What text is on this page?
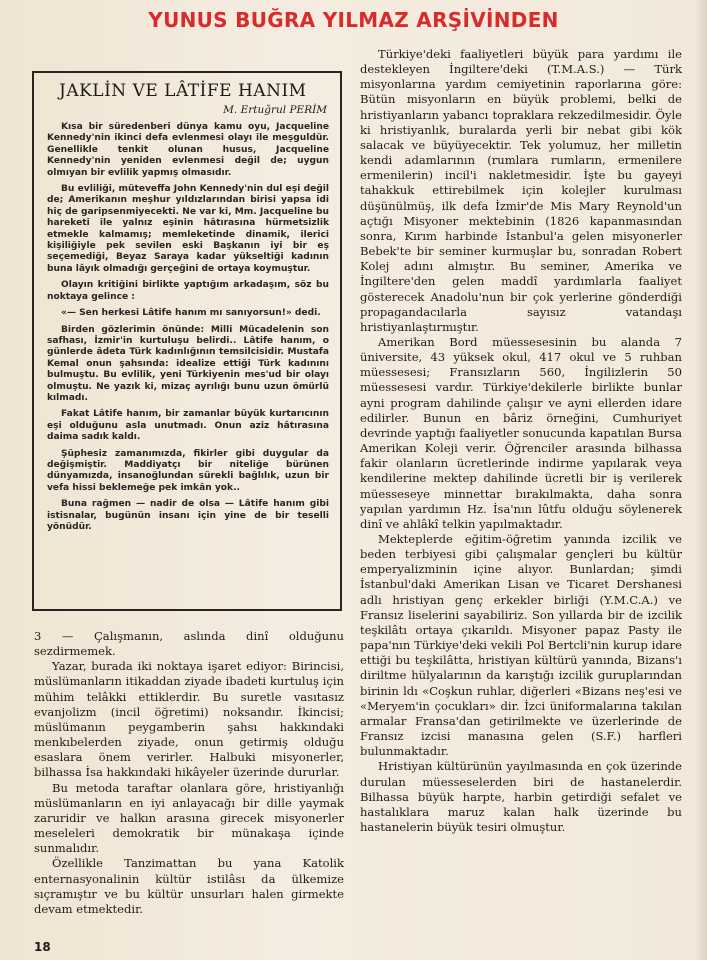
YUNUS BUĞRA YILMAZ ARŞİVİNDEN
JAKLİN VE LÂTİFE HANIM
M. Ertuğrul PERİM

Kısa bir süredenberi dünya kamu oyu, Jacqueline Kennedy'nin ikinci defa evlenmesi olayı ile meşguldür. Genellikle tenkit olunan husus, Jacqueline Kennedy'nin yeniden evlenmesi değil de; uygun olmıyan bir evlilik yapmış olmasıdır.

Bu evliliği, müteveffa John Kennedy'nin dul eşi değil de; Amerikanın meşhur yıldızlarından birisi yapsa idi hiç de garipsenmiyecekti. Ne var ki, Mm. Jacqueline bu hareketi ile yalnız eşinin hâtırasına hürmetsizlik etmekle kalmamış; memleketinde dinamik, ilerici kişiliğiyle pek sevilen eski Başkanın iyi bir eş seçemediği, Beyaz Saraya kadar yükseltiği kadının buna lâyık olmadığı gerçeğini de ortaya koymuştur.

Olayın kritiğini birlikte yaptığım arkadaşım, söz bu noktaya gelince :

«— Sen herkesi Lâtife hanım mı sanıyorsun!» dedi.

Birden gözlerimin önünde: Milli Mücadelenin son safhası, İzmir'in kurtuluşu belirdi.. Lâtife hanım, o günlerde âdeta Türk kadınlığının temsilcisidir. Mustafa Kemal onun şahsında: idealize ettiği Türk kadınını bulmuştu. Bu evlilik, yeni Türkiyenin mes'ud bir olayı olmuştu. Ne yazık ki, mizaç ayrılığı bunu uzun ömürlü kılmadı.

Fakat Lâtife hanım, bir zamanlar büyük kurtarıcının eşi olduğunu asla unutmadı. Onun aziz hâtırasına daima sadık kaldı.

Şüphesiz zamanımızda, fikirler gibi duygular da değişmiştir. Maddiyatçı bir niteliğe bürünen dünyamızda, insanoğlundan sürekli bağlılık, uzun bir vefa hissi beklemeğe pek imkân yok..

Buna rağmen — nadir de olsa — Lâtife hanım gibi istisnalar, bugünün insanı için yine de bir teselli yönüdür.

3 — Çalışmanın, aslında dinî olduğunu sezdirmemek.

Yazar, burada iki noktaya işaret ediyor: Birincisi, müslümanların itikaddan ziyade ibadeti kurtuluş için mühim telâkki ettiklerdir. Bu suretle vasıtasız evanjolizm (incil öğretimi) noksandır. İkincisi; müslümanın peygamberin şahsı hakkındaki menkıbelerden ziyade, onun getirmiş olduğu esaslara önem verirler. Halbuki misyonerler, bilhassa İsa hakkındaki hikâyeler üzerinde dururlar.

Bu metoda taraftar olanlara göre, hristiyanlığı müslümanların en iyi anlayacağı bir dille yaymak zaruridir ve halkın arasına girecek misyonerler meseleleri demokratik bir münakaşa içinde sunmalıdır.

Özellikle Tanzimattan bu yana Katolik enternasyonalinin kültür istilâsı da ülkemize sıçramıştır ve bu kültür unsurları halen girmekte devam etmektedir.

Türkiye'deki faaliyetleri büyük para yardımı ile destekleyen İngiltere'deki (T.M.A.S.) — Türk misyonlarına yardım cemiyetinin raporlarına göre: Bütün misyonların en büyük problemi, belki de hristiyanların yabancı topraklara rekzedilmesidir. Öyle ki hristiyanlık, buralarda yerli bir nebat gibi kök salacak ve büyüyecektir. Tek yolumuz, her milletin kendi adamlarının (rumlara rumların, ermenilere ermenilerin) incil'i nakletmesidir. İşte bu gayeyi tahakkuk ettirebilmek için kolejler kurulması düşünülmüş, ilk defa İzmir'de Mis Mary Reynold'un açtığı Misyoner mektebinin (1826 kapanmasından sonra, Kırım harbinde İstanbul'a gelen misyonerler Bebek'te bir seminer kurmuşlar bu, sonradan Robert Kolej adını almıştır. Bu seminer, Amerika ve İngiltere'den gelen maddî yardımlarla faaliyet gösterecek Anadolu'nun bir çok yerlerine gönderdiği propagandacılarla sayısız vatandaşı hristiyanlaştırmıştır.

Amerikan Bord müessesesinin bu alanda 7 üniversite, 43 yüksek okul, 417 okul ve 5 ruhban müessesesi; Fransızların 560, İngilizlerin 50 müessesesi vardır. Türkiye'dekilerle birlikte bunlar ayni program dahilinde çalışır ve ayni ellerden idare edilirler. Bunun en bâriz örneğini, Cumhuriyet devrinde yaptığı faaliyetler sonucunda kapatılan Bursa Amerikan Koleji verir. Öğrenciler arasında bilhassa fakir olanların ücretlerinde indirme yapılarak veya kendilerine mektep dahilinde ücretli bir iş verilerek müesseseye minnettar bırakılmakta, daha sonra yapılan yardımın Hz. İsa'nın lûtfu olduğu söylenerek dinî ve ahlâkî telkin yapılmaktadır.

Mekteplerde eğitim-öğretim yanında izcilik ve beden terbiyesi gibi çalışmalar gençleri bu kültür emperyalizminin içine alıyor. Bunlardan; şimdi İstanbul'daki Amerikan Lisan ve Ticaret Dershanesi adlı hristiyan genç erkekler birliği (Y.M.C.A.) ve Fransız liselerini sayabiliriz. Son yıllarda bir de izcilik teşkilâtı ortaya çıkarıldı. Misyoner papaz Pasty ile papa'nın Türkiye'deki vekili Pol Bertcli'nin kurup idare ettiği bu teşkilâtta, hristiyan kültürü yanında, Bizans'ı diriltme hülyalarının da karıştığı izcilik guruplarından birinin ldı «Coşkun ruhlar, diğerleri «Bizans neş'esi ve «Meryem'in çocukları» dir. İzci üniformalarına takılan armalar Fransa'dan getirilmekte ve üzerlerinde de Fransız izcisi manasına gelen (S.F.) harfleri bulunmaktadır.

Hristiyan kültürünün yayılmasında en çok üzerinde durulan müesseselerden biri de hastanelerdir. Bilhassa büyük harpte, harbin getirdiği sefalet ve hastalıklara maruz kalan halk üzerinde bu hastanelerin büyük tesiri olmuştur.

18
